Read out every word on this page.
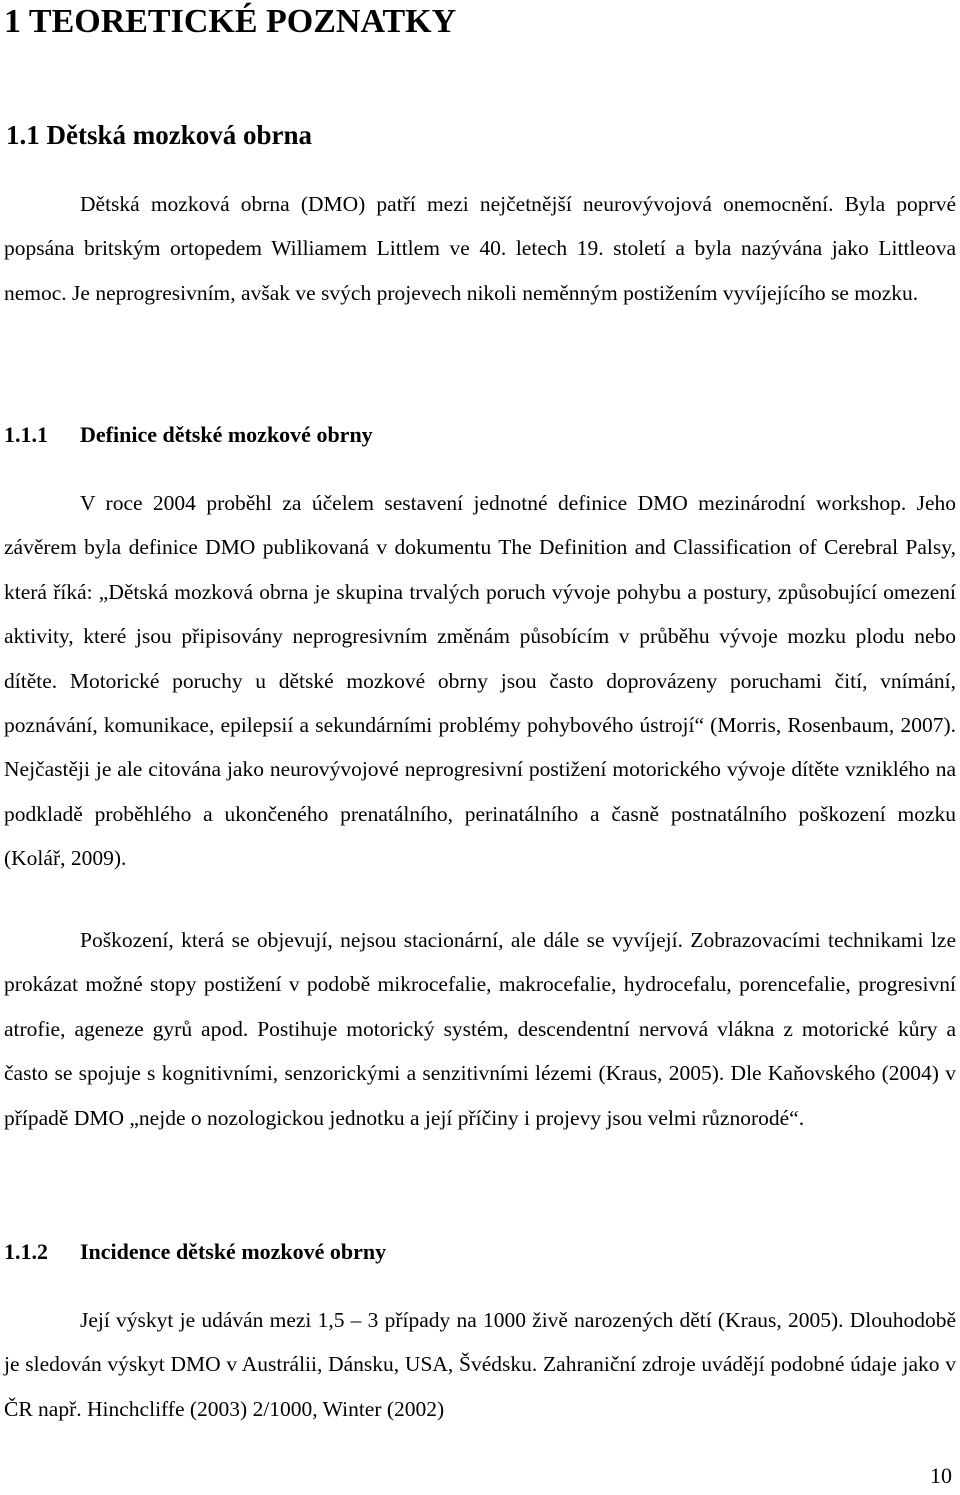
1 TEORETICKÉ POZNATKY
1.1 Dětská mozková obrna

Dětská mozková obrna (DMO) patří mezi nejčetnější neurovývojová onemocnění. Byla poprvé popsána britským ortopedem Williamem Littlem ve 40. letech 19. století a byla nazývána jako Littleova nemoc. Je neprogresivním, avšak ve svých projevech nikoli neměnným postižením vyvíjejícího se mozku.

1.1.1 Definice dětské mozkové obrny

V roce 2004 proběhl za účelem sestavení jednotné definice DMO mezinárodní workshop. Jeho závěrem byla definice DMO publikovaná v dokumentu The Definition and Classification of Cerebral Palsy, která říká: „Dětská mozková obrna je skupina trvalých poruch vývoje pohybu a postury, způsobující omezení aktivity, které jsou připisovány neprogresivním změnám působícím v průběhu vývoje mozku plodu nebo dítěte. Motorické poruchy u dětské mozkové obrny jsou často doprovázeny poruchami čití, vnímání, poznávání, komunikace, epilepsií a sekundárními problémy pohybového ústrojí“ (Morris, Rosenbaum, 2007). Nejčastěji je ale citována jako neurovývojové neprogresivní postižení motorického vývoje dítěte vzniklého na podkladě proběhlého a ukončeného prenatálního, perinatálního a časně postnatálního poškození mozku (Kolář, 2009).

Poškození, která se objevují, nejsou stacionární, ale dále se vyvíjejí. Zobrazovacími technikami lze prokázat možné stopy postižení v podobě mikrocefalie, makrocefalie, hydrocefalu, porencefalie, progresivní atrofie, ageneze gyrů apod. Postihuje motorický systém, descendentní nervová vlákna z motorické kůry a často se spojuje s kognitivními, senzorickými a senzitivními lézemi (Kraus, 2005). Dle Kaňovského (2004) v případě DMO „nejde o nozologickou jednotku a její příčiny i projevy jsou velmi různorodé“.

1.1.2 Incidence dětské mozkové obrny

Její výskyt je udáván mezi 1,5 – 3 případy na 1000 živě narozených dětí (Kraus, 2005). Dlouhodobě je sledován výskyt DMO v Austrálii, Dánsku, USA, Švédsku. Zahraniční zdroje uvádějí podobné údaje jako v ČR např. Hinchcliffe (2003) 2/1000, Winter (2002)

10
